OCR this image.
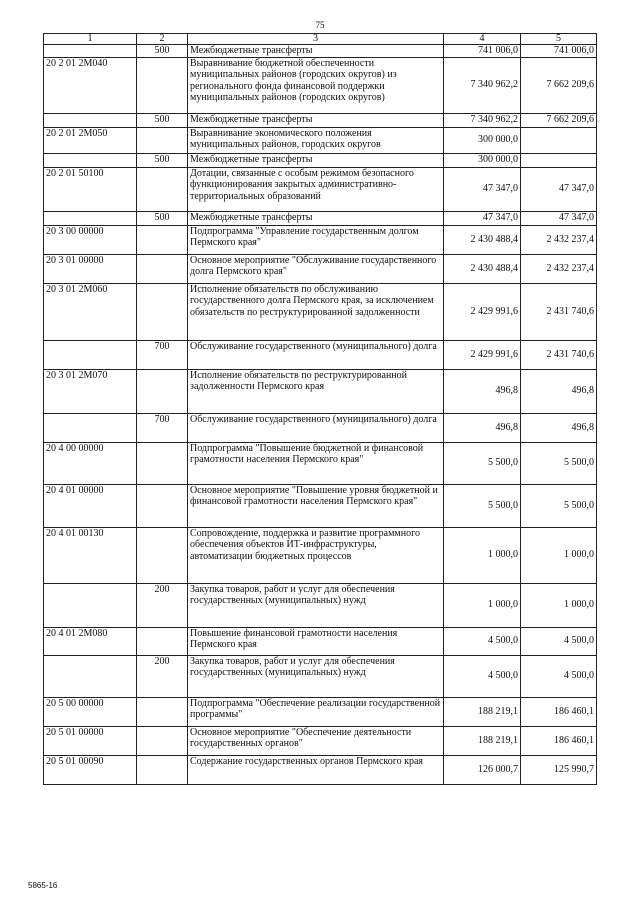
75
1	2	3	4	5
	500	Межбюджетные трансферты	741 006,0	741 006,0
20 2 01 2М040		Выравнивание бюджетной обеспеченности муниципальных районов (городских округов) из регионального фонда финансовой поддержки муниципальных районов (городских округов)	7 340 962,2	7 662 209,6
	500	Межбюджетные трансферты	7 340 962,2	7 662 209,6
20 2 01 2М050		Выравнивание экономического положения муниципальных районов, городских округов	300 000,0	
	500	Межбюджетные трансферты	300 000,0	
20 2 01 50100		Дотации, связанные с особым режимом безопасного функционирования закрытых административно-территориальных образований	47 347,0	47 347,0
	500	Межбюджетные трансферты	47 347,0	47 347,0
20 3 00 00000		Подпрограмма "Управление государственным долгом Пермского края"	2 430 488,4	2 432 237,4
20 3 01 00000		Основное мероприятие "Обслуживание государственного долга Пермского края"	2 430 488,4	2 432 237,4
20 3 01 2М060		Исполнение обязательств по обслуживанию государственного долга Пермского края, за исключением обязательств по реструктурированной задолженности	2 429 991,6	2 431 740,6
	700	Обслуживание государственного (муниципального) долга	2 429 991,6	2 431 740,6
20 3 01 2М070		Исполнение обязательств по реструктурированной задолженности Пермского края	496,8	496,8
	700	Обслуживание государственного (муниципального) долга	496,8	496,8
20 4 00 00000		Подпрограмма "Повышение бюджетной и финансовой грамотности населения Пермского края"	5 500,0	5 500,0
20 4 01 00000		Основное мероприятие "Повышение уровня бюджетной и финансовой грамотности населения Пермского края"	5 500,0	5 500,0
20 4 01 00130		Сопровождение, поддержка и развитие программного обеспечения объектов ИТ-инфраструктуры, автоматизации бюджетных процессов	1 000,0	1 000,0
	200	Закупка товаров, работ и услуг для обеспечения государственных (муниципальных) нужд	1 000,0	1 000,0
20 4 01 2М080		Повышение финансовой грамотности населения Пермского края	4 500,0	4 500,0
	200	Закупка товаров, работ и услуг для обеспечения государственных (муниципальных) нужд	4 500,0	4 500,0
20 5 00 00000		Подпрограмма "Обеспечение реализации государственной программы"	188 219,1	186 460,1
20 5 01 00000		Основное мероприятие "Обеспечение деятельности государственных органов"	188 219,1	186 460,1
20 5 01 00090		Содержание государственных органов Пермского края	126 000,7	125 990,7
5865-16
